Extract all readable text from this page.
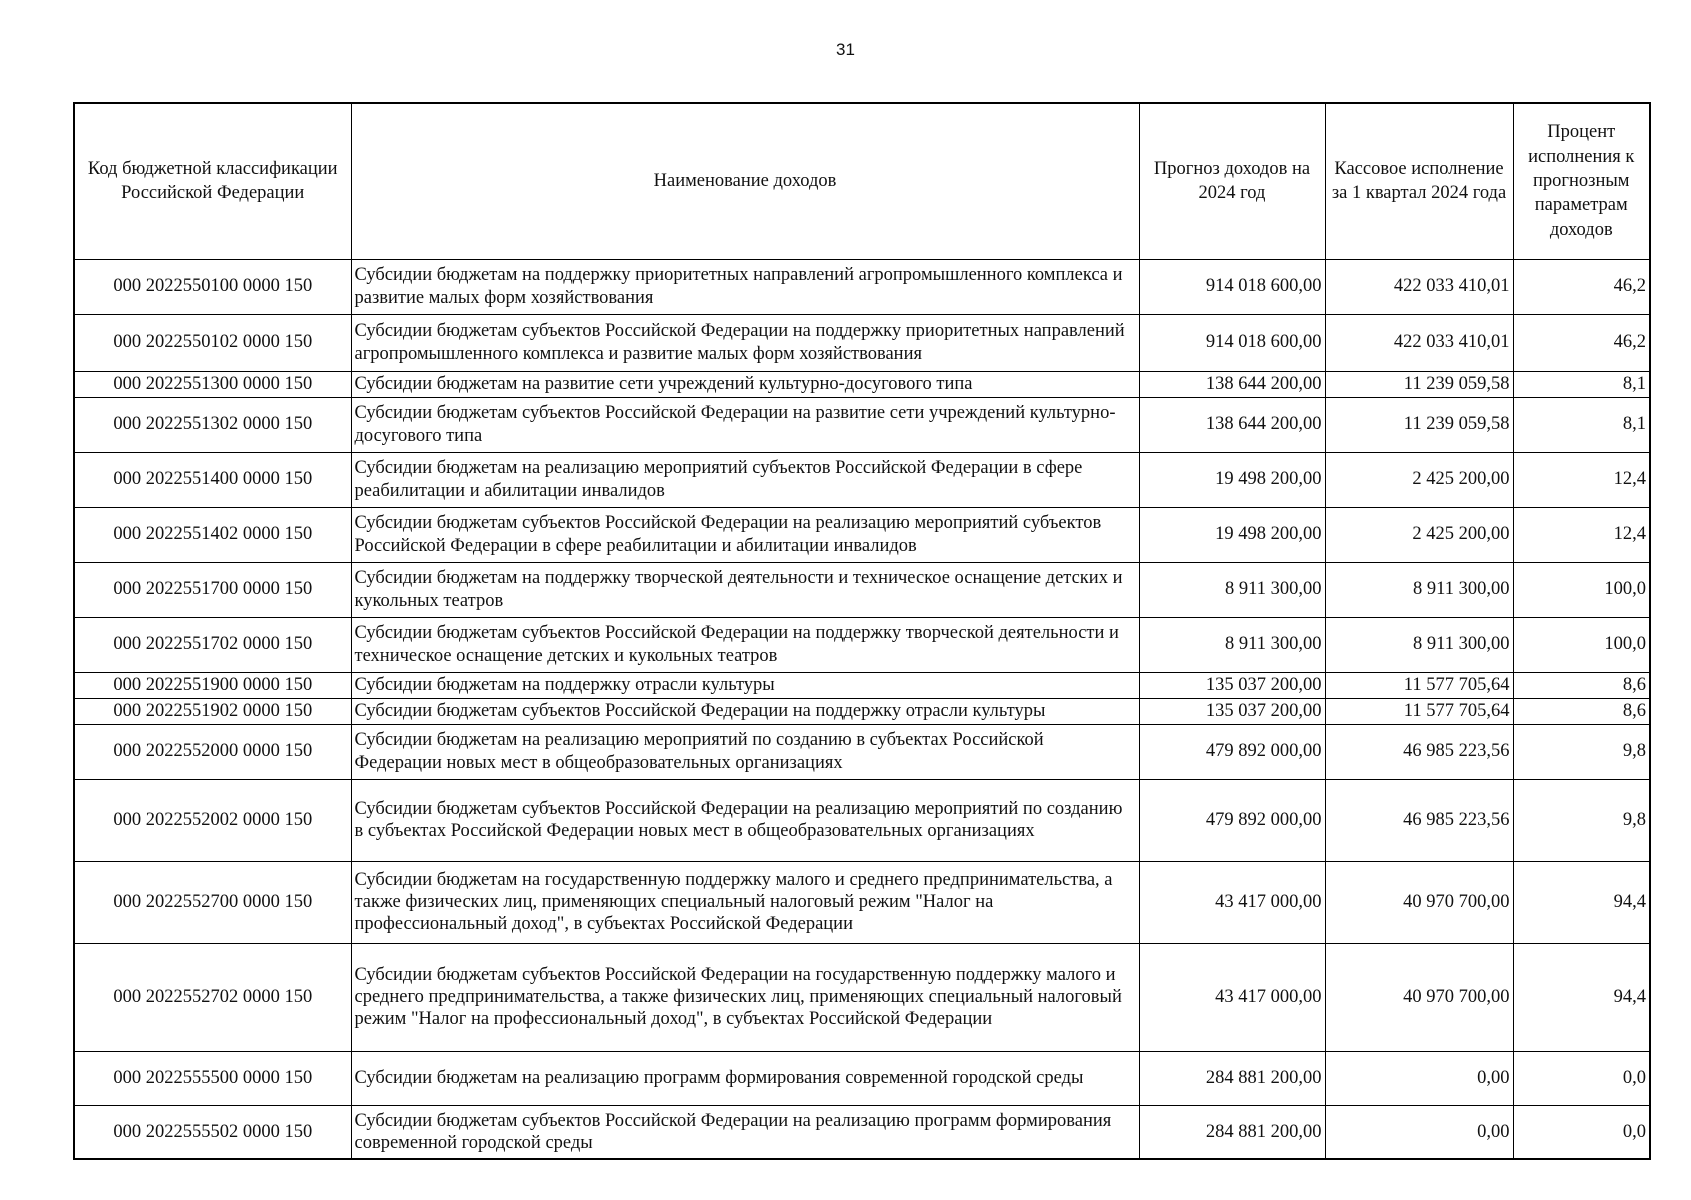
31
Код бюджетной классификации Российской Федерации	Наименование доходов	Прогноз доходов на 2024 год	Кассовое исполнение за 1 квартал 2024 года	Процент исполнения к прогнозным параметрам доходов
000 2022550100 0000 150	Субсидии бюджетам на поддержку приоритетных направлений агропромышленного комплекса и развитие малых форм хозяйствования	914 018 600,00	422 033 410,01	46,2
000 2022550102 0000 150	Субсидии бюджетам субъектов Российской Федерации на поддержку приоритетных направлений агропромышленного комплекса и развитие малых форм хозяйствования	914 018 600,00	422 033 410,01	46,2
000 2022551300 0000 150	Субсидии бюджетам на развитие сети учреждений культурно-досугового типа	138 644 200,00	11 239 059,58	8,1
000 2022551302 0000 150	Субсидии бюджетам субъектов Российской Федерации на развитие сети учреждений культурно-досугового типа	138 644 200,00	11 239 059,58	8,1
000 2022551400 0000 150	Субсидии бюджетам на реализацию мероприятий субъектов Российской Федерации в сфере реабилитации и абилитации инвалидов	19 498 200,00	2 425 200,00	12,4
000 2022551402 0000 150	Субсидии бюджетам субъектов Российской Федерации на реализацию мероприятий субъектов Российской Федерации в сфере реабилитации и абилитации инвалидов	19 498 200,00	2 425 200,00	12,4
000 2022551700 0000 150	Субсидии бюджетам на поддержку творческой деятельности и техническое оснащение детских и кукольных театров	8 911 300,00	8 911 300,00	100,0
000 2022551702 0000 150	Субсидии бюджетам субъектов Российской Федерации на поддержку творческой деятельности и техническое оснащение детских и кукольных театров	8 911 300,00	8 911 300,00	100,0
000 2022551900 0000 150	Субсидии бюджетам на поддержку отрасли культуры	135 037 200,00	11 577 705,64	8,6
000 2022551902 0000 150	Субсидии бюджетам субъектов Российской Федерации на поддержку отрасли культуры	135 037 200,00	11 577 705,64	8,6
000 2022552000 0000 150	Субсидии бюджетам на реализацию мероприятий по созданию в субъектах Российской Федерации новых мест в общеобразовательных организациях	479 892 000,00	46 985 223,56	9,8
000 2022552002 0000 150	Субсидии бюджетам субъектов Российской Федерации на реализацию мероприятий по созданию в субъектах Российской Федерации новых мест в общеобразовательных организациях	479 892 000,00	46 985 223,56	9,8
000 2022552700 0000 150	Субсидии бюджетам на государственную поддержку малого и среднего предпринимательства, а также физических лиц, применяющих специальный налоговый режим "Налог на профессиональный доход", в субъектах Российской Федерации	43 417 000,00	40 970 700,00	94,4
000 2022552702 0000 150	Субсидии бюджетам субъектов Российской Федерации на государственную поддержку малого и среднего предпринимательства, а также физических лиц, применяющих специальный налоговый режим "Налог на профессиональный доход", в субъектах Российской Федерации	43 417 000,00	40 970 700,00	94,4
000 2022555500 0000 150	Субсидии бюджетам на реализацию программ формирования современной городской среды	284 881 200,00	0,00	0,0
000 2022555502 0000 150	Субсидии бюджетам субъектов Российской Федерации на реализацию программ формирования современной городской среды	284 881 200,00	0,00	0,0
